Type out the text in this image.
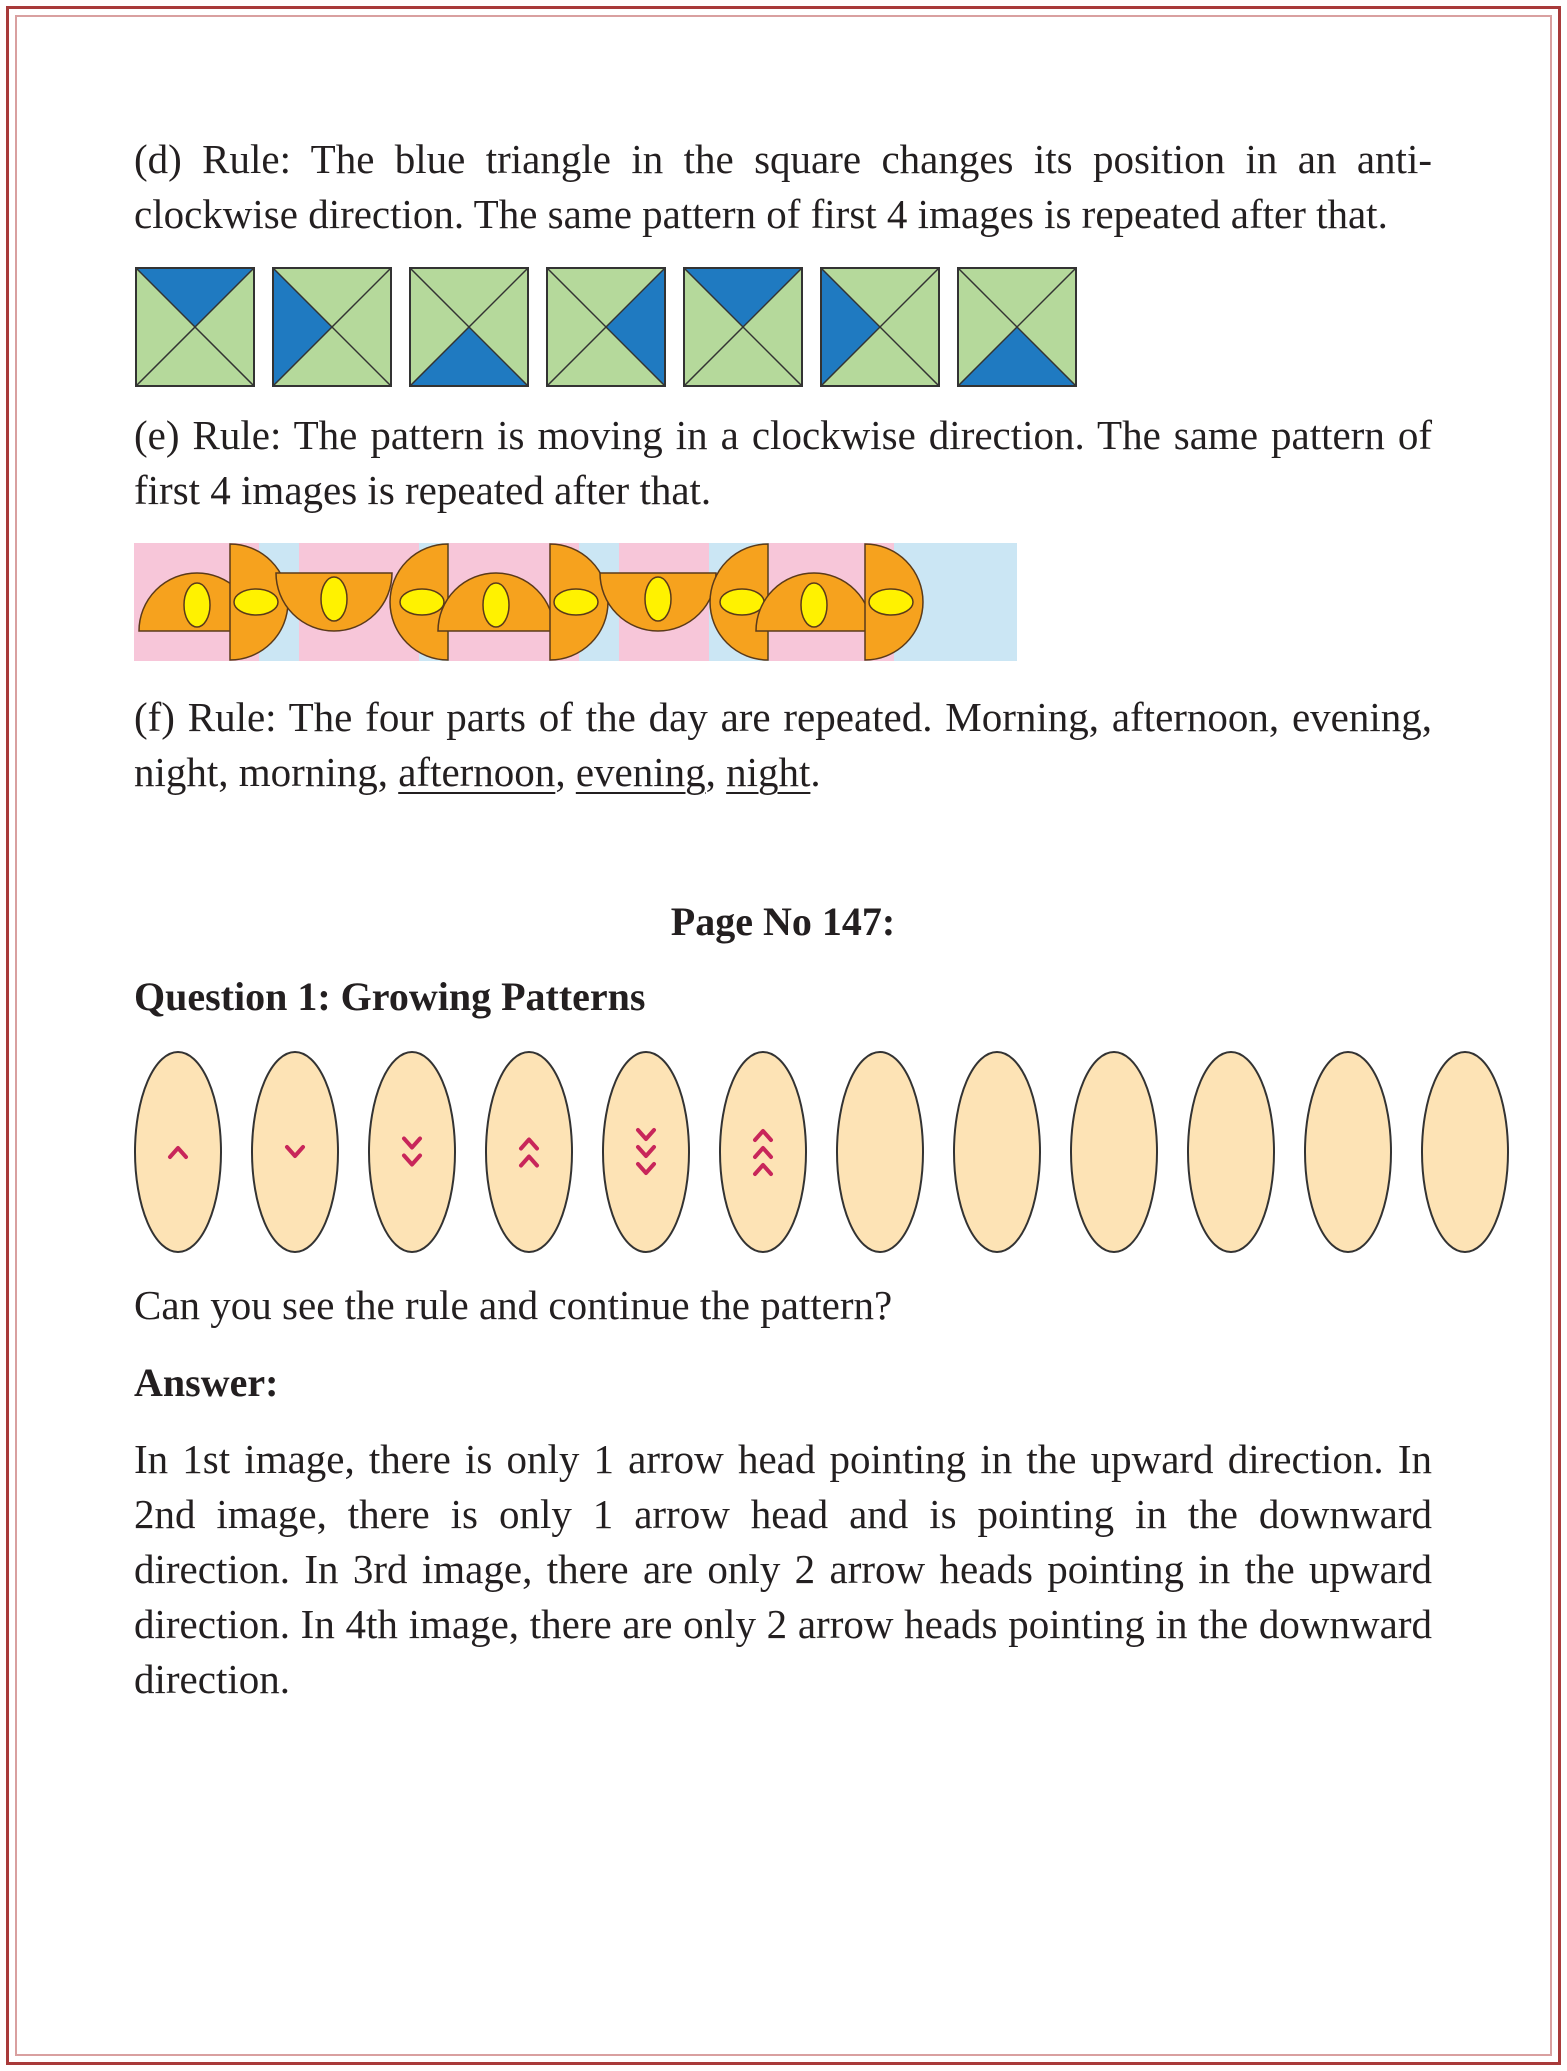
(d) Rule: The blue triangle in the square changes its position in an anti-clockwise direction. The same pattern of first 4 images is repeated after that.

(e) Rule: The pattern is moving in a clockwise direction. The same pattern of first 4 images is repeated after that.

(f) Rule: The four parts of the day are repeated. Morning, afternoon, evening, night, morning, afternoon, evening, night.

Page No 147:

Question 1: Growing Patterns

Can you see the rule and continue the pattern?

Answer:

In 1st image, there is only 1 arrow head pointing in the upward direction. In 2nd image, there is only 1 arrow head and is pointing in the downward direction. In 3rd image, there are only 2 arrow heads pointing in the upward direction. In 4th image, there are only 2 arrow heads pointing in the downward direction.
